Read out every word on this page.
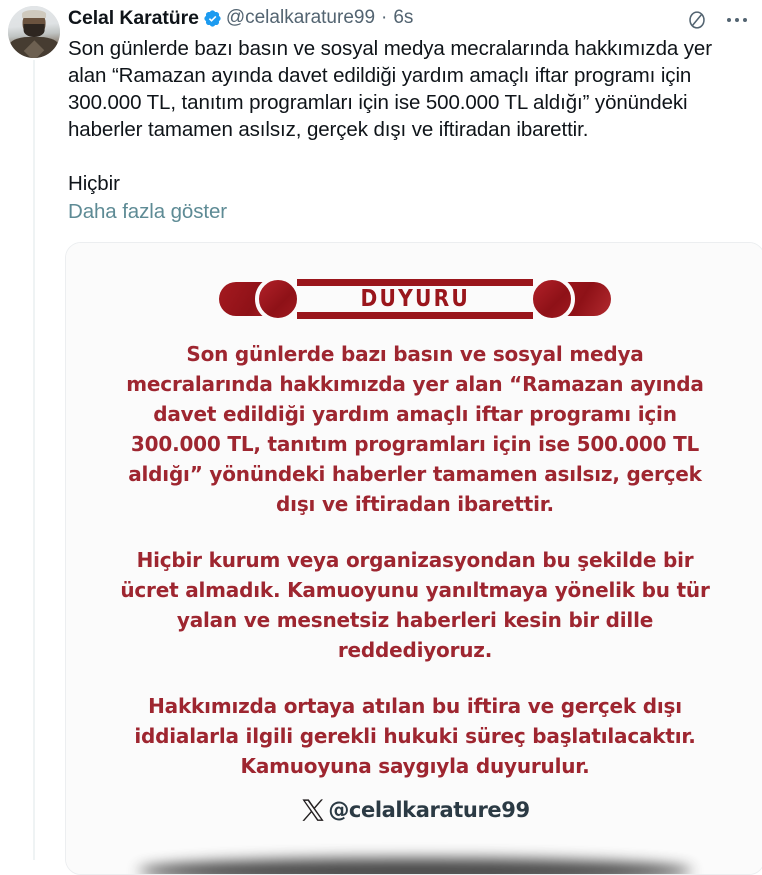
Celal Karatüre @celalkarature99 · 6s
Son günlerde bazı basın ve sosyal medya mecralarında hakkımızda yer alan “Ramazan ayında davet edildiği yardım amaçlı iftar programı için 300.000 TL, tanıtım programları için ise 500.000 TL aldığı” yönündeki haberler tamamen asılsız, gerçek dışı ve iftiradan ibarettir.
Hiçbir
Daha fazla göster
DUYURU

Son günlerde bazı basın ve sosyal medya mecralarında hakkımızda yer alan “Ramazan ayında davet edildiği yardım amaçlı iftar programı için 300.000 TL, tanıtım programları için ise 500.000 TL aldığı” yönündeki haberler tamamen asılsız, gerçek dışı ve iftiradan ibarettir.

Hiçbir kurum veya organizasyondan bu şekilde bir ücret almadık. Kamuoyunu yanıltmaya yönelik bu tür yalan ve mesnetsiz haberleri kesin bir dille reddediyoruz.

Hakkımızda ortaya atılan bu iftira ve gerçek dışı iddialarla ilgili gerekli hukuki süreç başlatılacaktır. Kamuoyuna saygıyla duyurulur.

@celalkarature99
